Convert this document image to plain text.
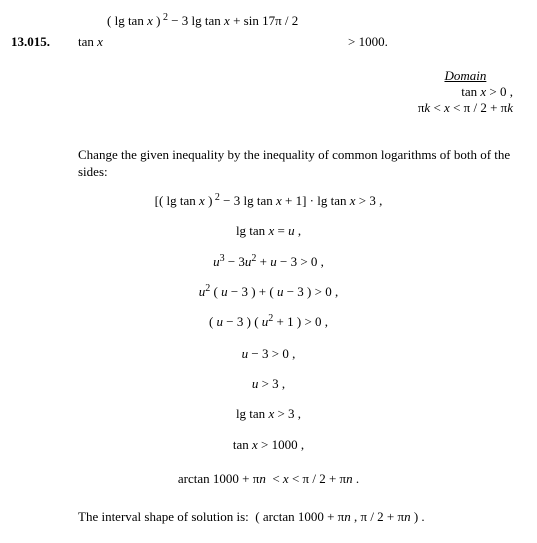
13.015.
( lg tan x ) $^2$ − 3 lg tan x + sin 17π / 2
tan x	> 1000.
Domain
tan x > 0 ,
πk < x < π / 2 + πk
Change the given inequality by the inequality of common logarithms of both of the sides:
[( lg tan x ) $^2$ − 3 lg tan x + 1] · lg tan x > 3 ,
lg tan x = u ,
$u^3 - 3u^2 + u - 3 > 0$ ,
$u^2$ ( u − 3 ) + ( u − 3 ) > 0 ,
( u − 3 ) ( $u^2 + 1$ ) > 0 ,
u − 3 > 0 ,
u > 3 ,
lg tan x > 3 ,
tan x > 1000 ,
arctan 1000 + πn  < x < π / 2 + πn .
The interval shape of solution is:  ( arctan 1000 + πn , π / 2 + πn ) .
